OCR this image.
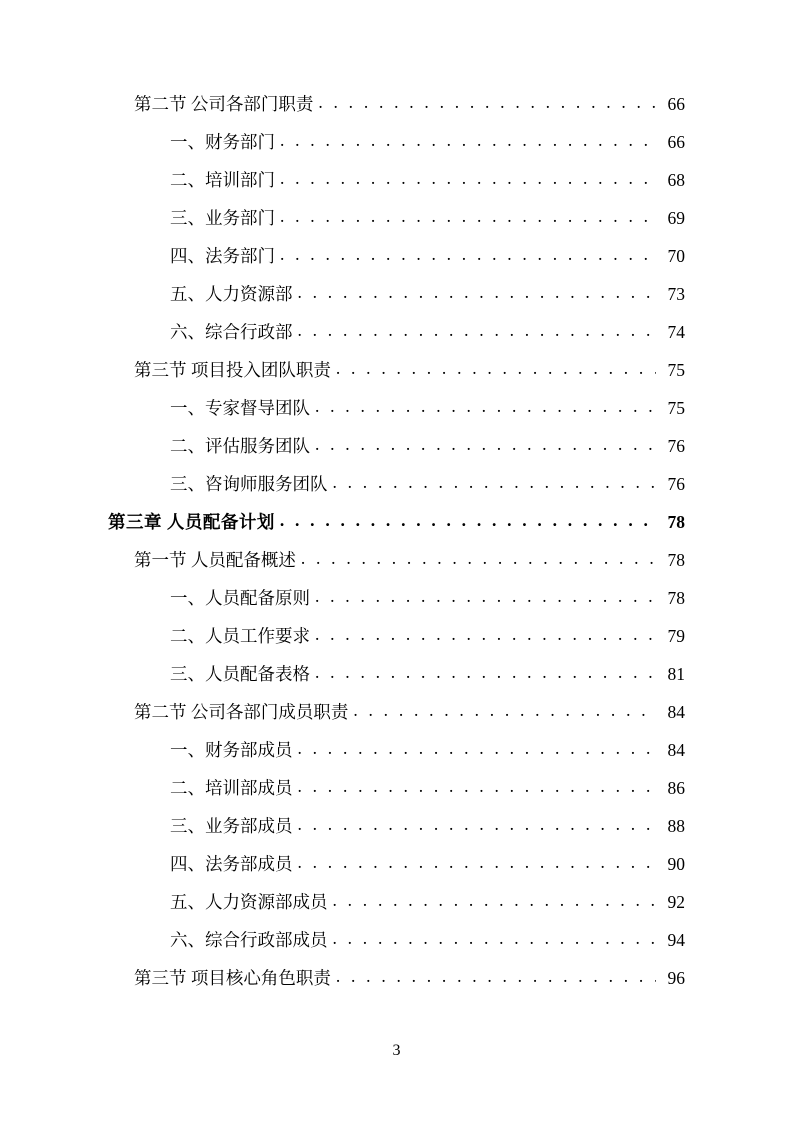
第二节 公司各部门职责 . . .	66
一、财务部门 . . .	66
二、培训部门 . . .	68
三、业务部门 . . .	69
四、法务部门 . . .	70
五、人力资源部 . . .	73
六、综合行政部 . . .	74
第三节 项目投入团队职责 . . .	75
一、专家督导团队 . . .	75
二、评估服务团队 . . .	76
三、咨询师服务团队 . . .	76
第三章 人员配备计划 . . .	78
第一节 人员配备概述 . . .	78
一、人员配备原则 . . .	78
二、人员工作要求 . . .	79
三、人员配备表格 . . .	81
第二节 公司各部门成员职责 . . .	84
一、财务部成员 . . .	84
二、培训部成员 . . .	86
三、业务部成员 . . .	88
四、法务部成员 . . .	90
五、人力资源部成员 . . .	92
六、综合行政部成员 . . .	94
第三节 项目核心角色职责 . . .	96
3
